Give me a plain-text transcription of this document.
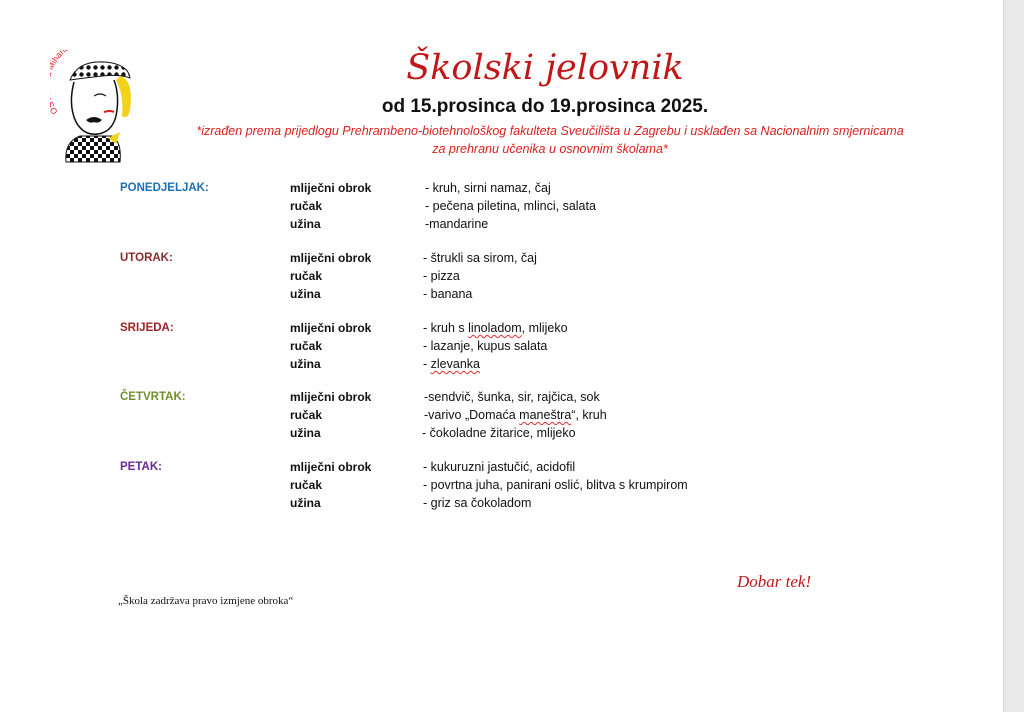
han	Školski jelovnik
od 15.prosinca do 19.prosinca 2025.
*izrađen prema prijedlogu Prehrambeno-biotehnološkog fakulteta Sveučilišta u Zagrebu i usklađen sa Nacionalnim smjernicama
za prehranu učenika u osnovnim školama*
PONEDJELJAK:	mliječni obrok	- kruh, sirni namaz, čaj
ručak	- pečena piletina, mlinci, salata
užina	-mandarine
UTORAK:	mliječni obrok	- štrukli sa sirom, čaj
ručak	- pizza
užina	- banana
SRIJEDA:	mliječni obrok	- kruh s linoladom, mlijeko
ručak	- lazanje, kupus salata
užina	- zlevanka
ČETVRTAK:	mliječni obrok	-sendvič, šunka, sir, rajčica, sok
ručak	-varivo „Domaća maneštra“, kruh
užina	- čokoladne žitarice, mlijeko
PETAK:	mliječni obrok	- kukuruzni jastučić, acidofil
ručak	- povrtna juha, panirani oslić, blitva s krumpirom
užina	- griz sa čokoladom
Dobar tek!
„Škola zadržava pravo izmjene obroka“
